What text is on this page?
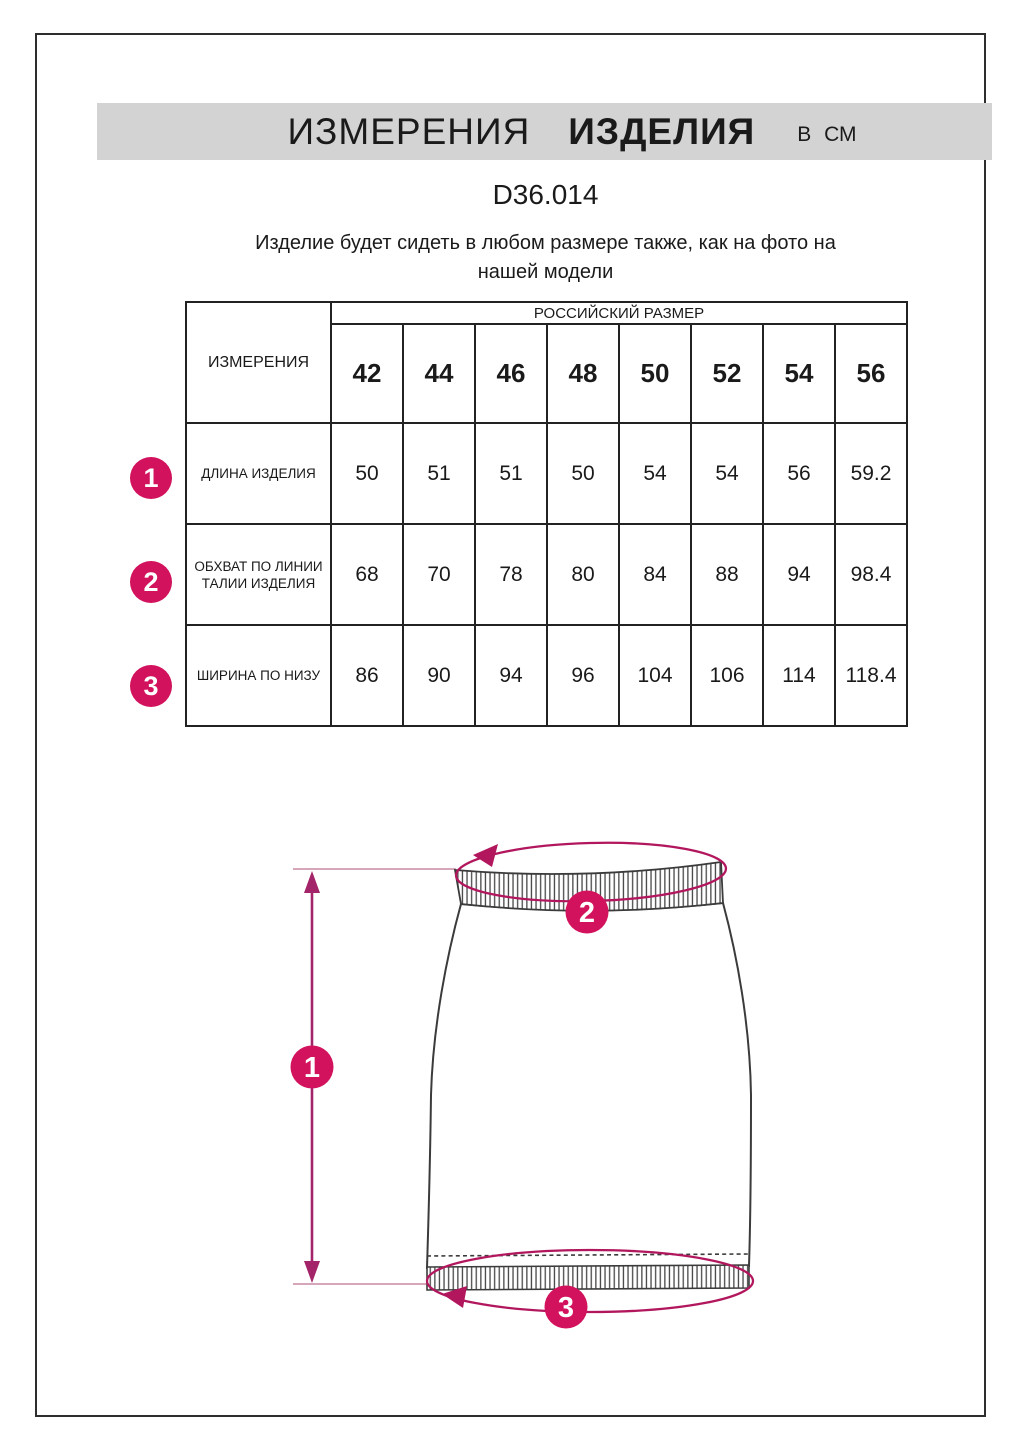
ИЗМЕРЕНИЯ ИЗДЕЛИЯ В СМ
D36.014
Изделие будет сидеть в любом размере также, как на фото на
нашей модели
ИЗМЕРЕНИЯ	РОССИЙСКИЙ РАЗМЕР							
	42	44	46	48	50	52	54	56
ДЛИНА ИЗДЕЛИЯ	50	51	51	50	54	54	56	59.2
ОБХВАТ ПО ЛИНИИ ТАЛИИ ИЗДЕЛИЯ	68	70	78	80	84	88	94	98.4
ШИРИНА ПО НИЗУ	86	90	94	96	104	106	114	118.4
1
2
3
1
2
3
